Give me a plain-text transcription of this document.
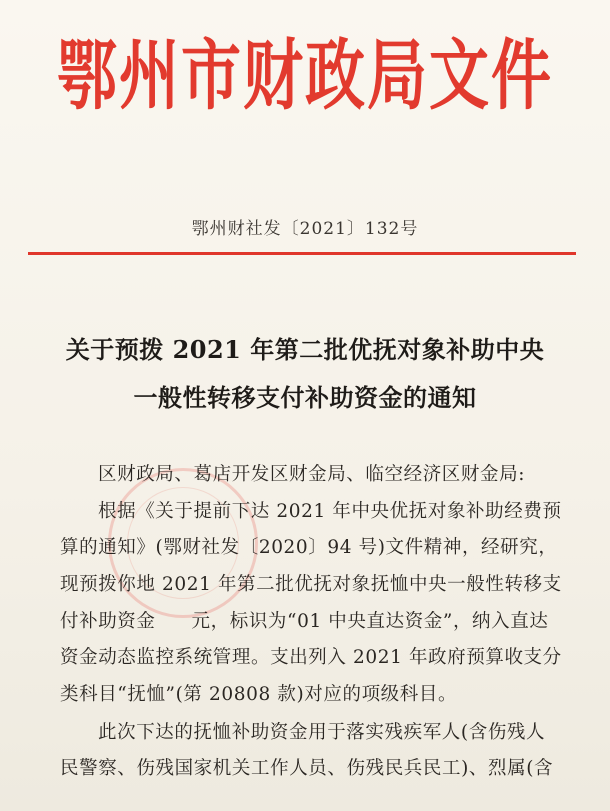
鄂州市财政局文件
鄂州财社发〔2021〕132号
关于预拨 2021 年第二批优抚对象补助中央
一般性转移支付补助资金的通知
区财政局、葛店开发区财金局、临空经济区财金局:
根据《关于提前下达 2021 年中央优抚对象补助经费预
算的通知》(鄂财社发〔2020〕94 号)文件精神，经研究，
现预拨你地 2021 年第二批优抚对象抚恤中央一般性转移支
付补助资金 元，标识为“01 中央直达资金”，纳入直达
资金动态监控系统管理。支出列入 2021 年政府预算收支分
类科目“抚恤”(第 20808 款)对应的项级科目。
此次下达的抚恤补助资金用于落实残疾军人(含伤残人
民警察、伤残国家机关工作人员、伤残民兵民工)、烈属(含
